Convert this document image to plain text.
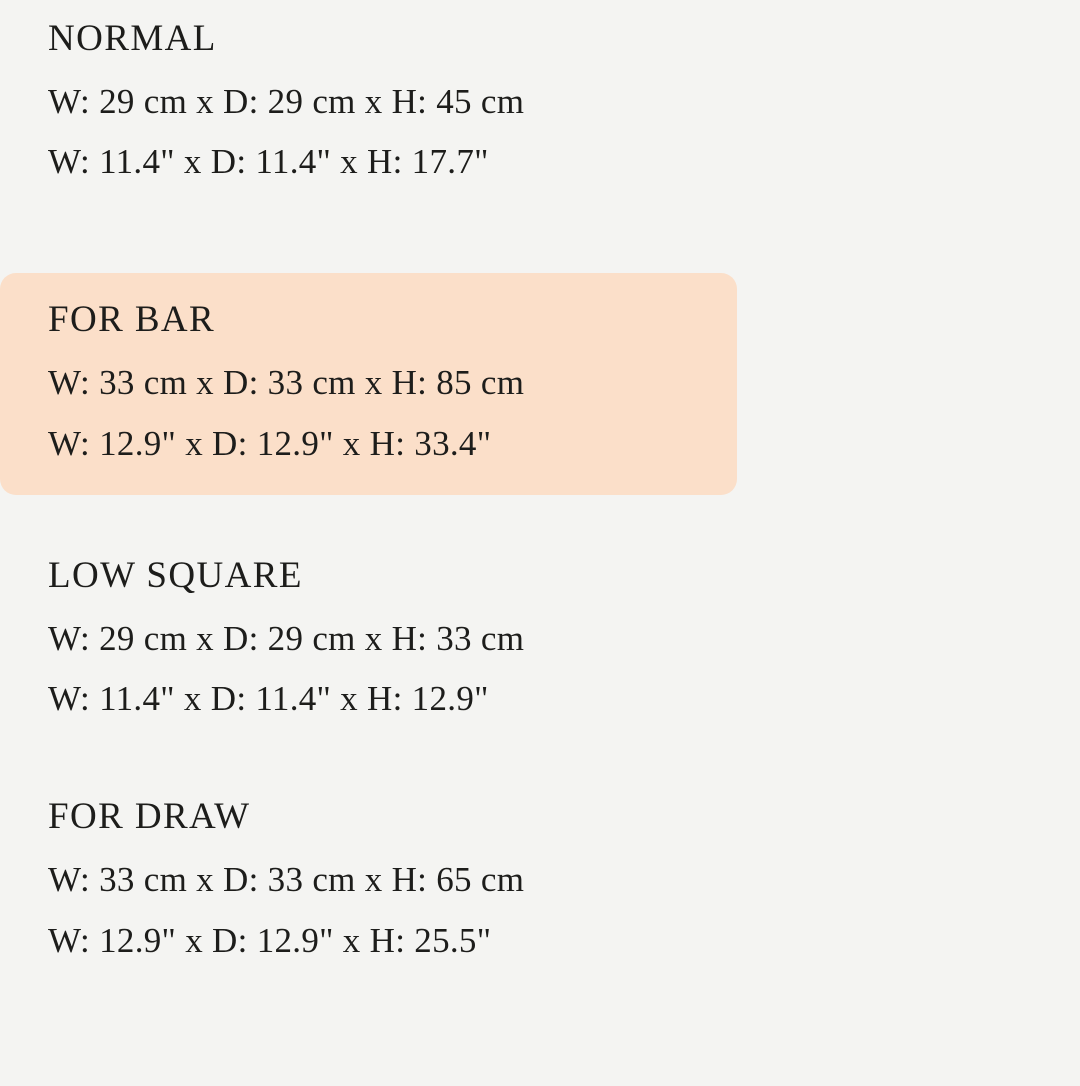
NORMAL
W: 29 cm x D: 29 cm x H: 45 cm
W: 11.4" x D: 11.4" x H: 17.7"
FOR BAR
W: 33 cm x D: 33 cm x H: 85 cm
W: 12.9" x D: 12.9" x H: 33.4"
LOW SQUARE
W: 29 cm x D: 29 cm x H: 33 cm
W: 11.4" x D: 11.4" x H: 12.9"
FOR DRAW
W: 33 cm x D: 33 cm x H: 65 cm
W: 12.9" x D: 12.9" x H: 25.5"
